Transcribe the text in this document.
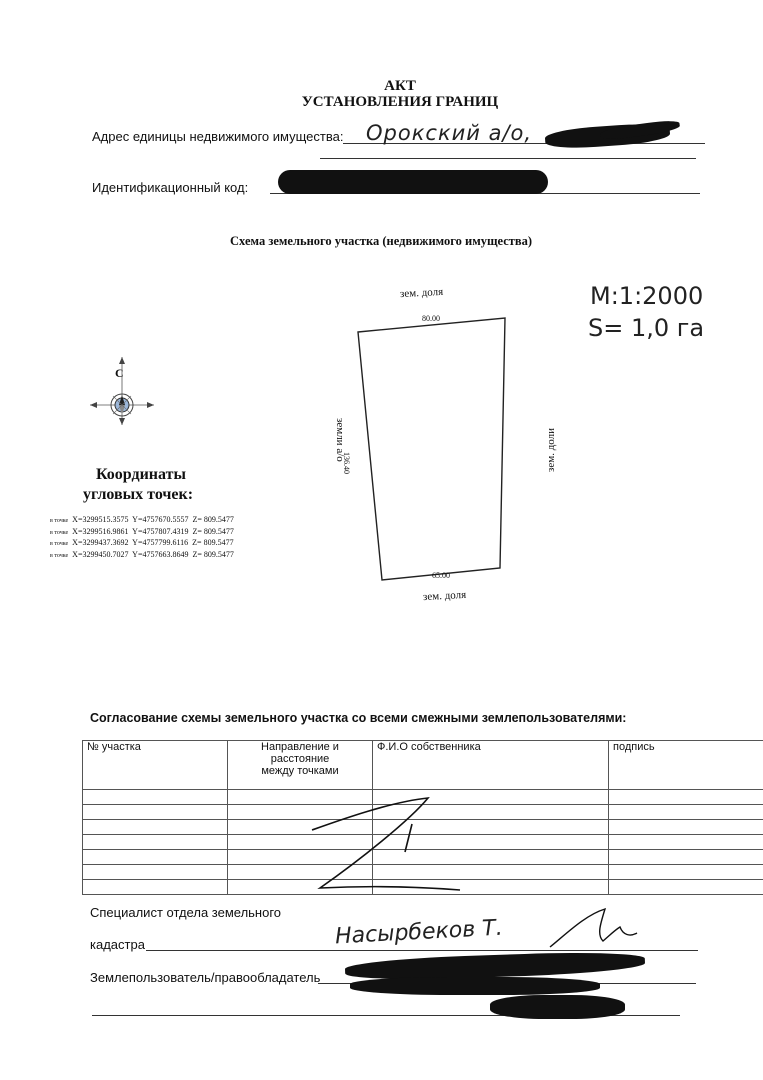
АКТ
УСТАНОВЛЕНИЯ ГРАНИЦ
Адрес единицы недвижимого имущества: Орокский а/о,
Идентификационный код:
Схема земельного участка (недвижимого имущества)
M:1:2000
S= 1,0 га
80.00
65.00
136.40
зем. доля
зем. доля
зем. доли
земли а/о
С
Координаты
угловых точек:
в точке X=3299515.3575 Y=4757670.5557 Z= 809.5477
в точке X=3299516.9861 Y=4757807.4319 Z= 809.5477
в точке X=3299437.3692 Y=4757799.6116 Z= 809.5477
в точке X=3299450.7027 Y=4757663.8649 Z= 809.5477
Согласование схемы земельного участка со всеми смежными землепользователями:
№ участка	Направление и
расстояние
между точками	Ф.И.О собственника	подпись

Специалист отдела земельного
кадастра	Насырбеков Т.
Землепользователь/правообладатель
